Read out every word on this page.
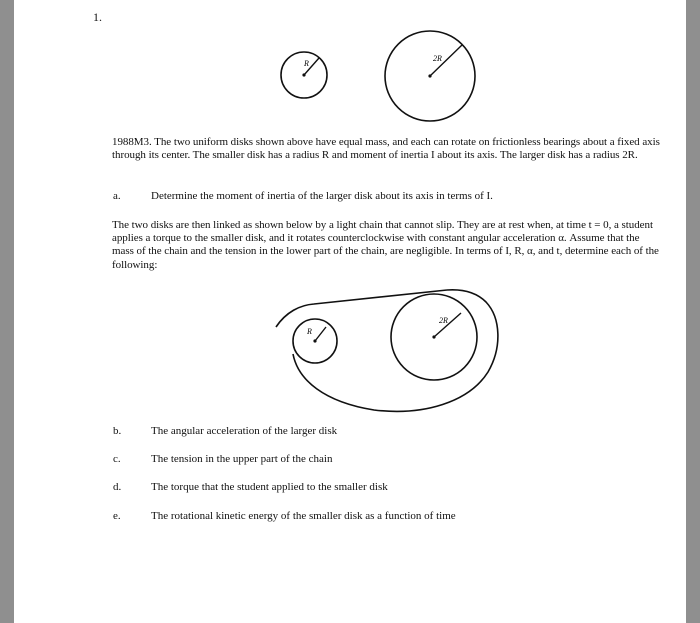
1.
R
2R
1988M3. The two uniform disks shown above have equal mass, and each can rotate on frictionless bearings about a fixed axis through its center. The smaller disk has a radius R and moment of inertia I about its axis. The larger disk has a radius 2R.
a.	Determine the moment of inertia of the larger disk about its axis in terms of I.
The two disks are then linked as shown below by a light chain that cannot slip. They are at rest when, at time t = 0, a student applies a torque to the smaller disk, and it rotates counterclockwise with constant angular acceleration α. Assume that the mass of the chain and the tension in the lower part of the chain, are negligible. In terms of I, R, α, and t, determine each of the following:
R
2R
b.	The angular acceleration of the larger disk
c.	The tension in the upper part of the chain
d.	The torque that the student applied to the smaller disk
e.	The rotational kinetic energy of the smaller disk as a function of time
